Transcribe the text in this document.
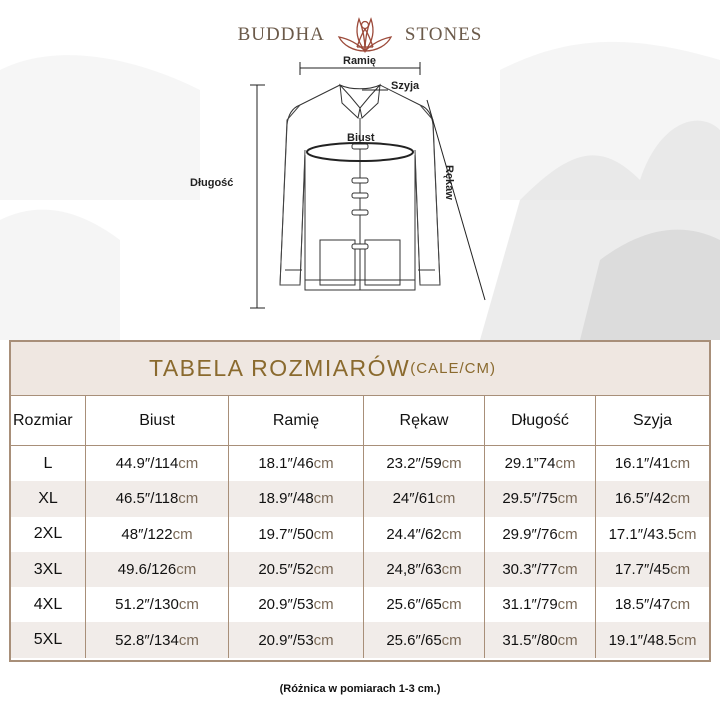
BUDDHA	STONES
Ramię
Szyja
Biust
Długość	Rękaw
TABELA ROZMIARÓW (CALE/CM)
Rozmiar	Biust	Ramię	Rękaw	Długość	Szyja
L	44.9″/114 cm	18.1″/46 cm	23.2″/59 cm	29.1”74 cm	16.1″/41 cm
XL	46.5″/118 cm	18.9″/48 cm	24″/61 cm	29.5″/75 cm 16.5″/42 cm
2XL	48″/122 cm	19.7″/50 cm	24.4″/62 cm	29.9″/76 cm 17.1″/43.5 cm
3XL	49.6/126 cm	20.5″/52 cm	24,8″/63 cm	30.3″/77 cm 17.7″/45 cm
4XL	51.2″/130 cm	20.9″/53 cm	25.6″/65 cm	31.1″/79 cm 18.5″/47 cm
5XL	52.8″/134 cm	20.9″/53 cm	25.6″/65 cm	31.5″/80 cm 19.1″/48.5 cm
(Różnica w pomiarach 1-3 cm.)
